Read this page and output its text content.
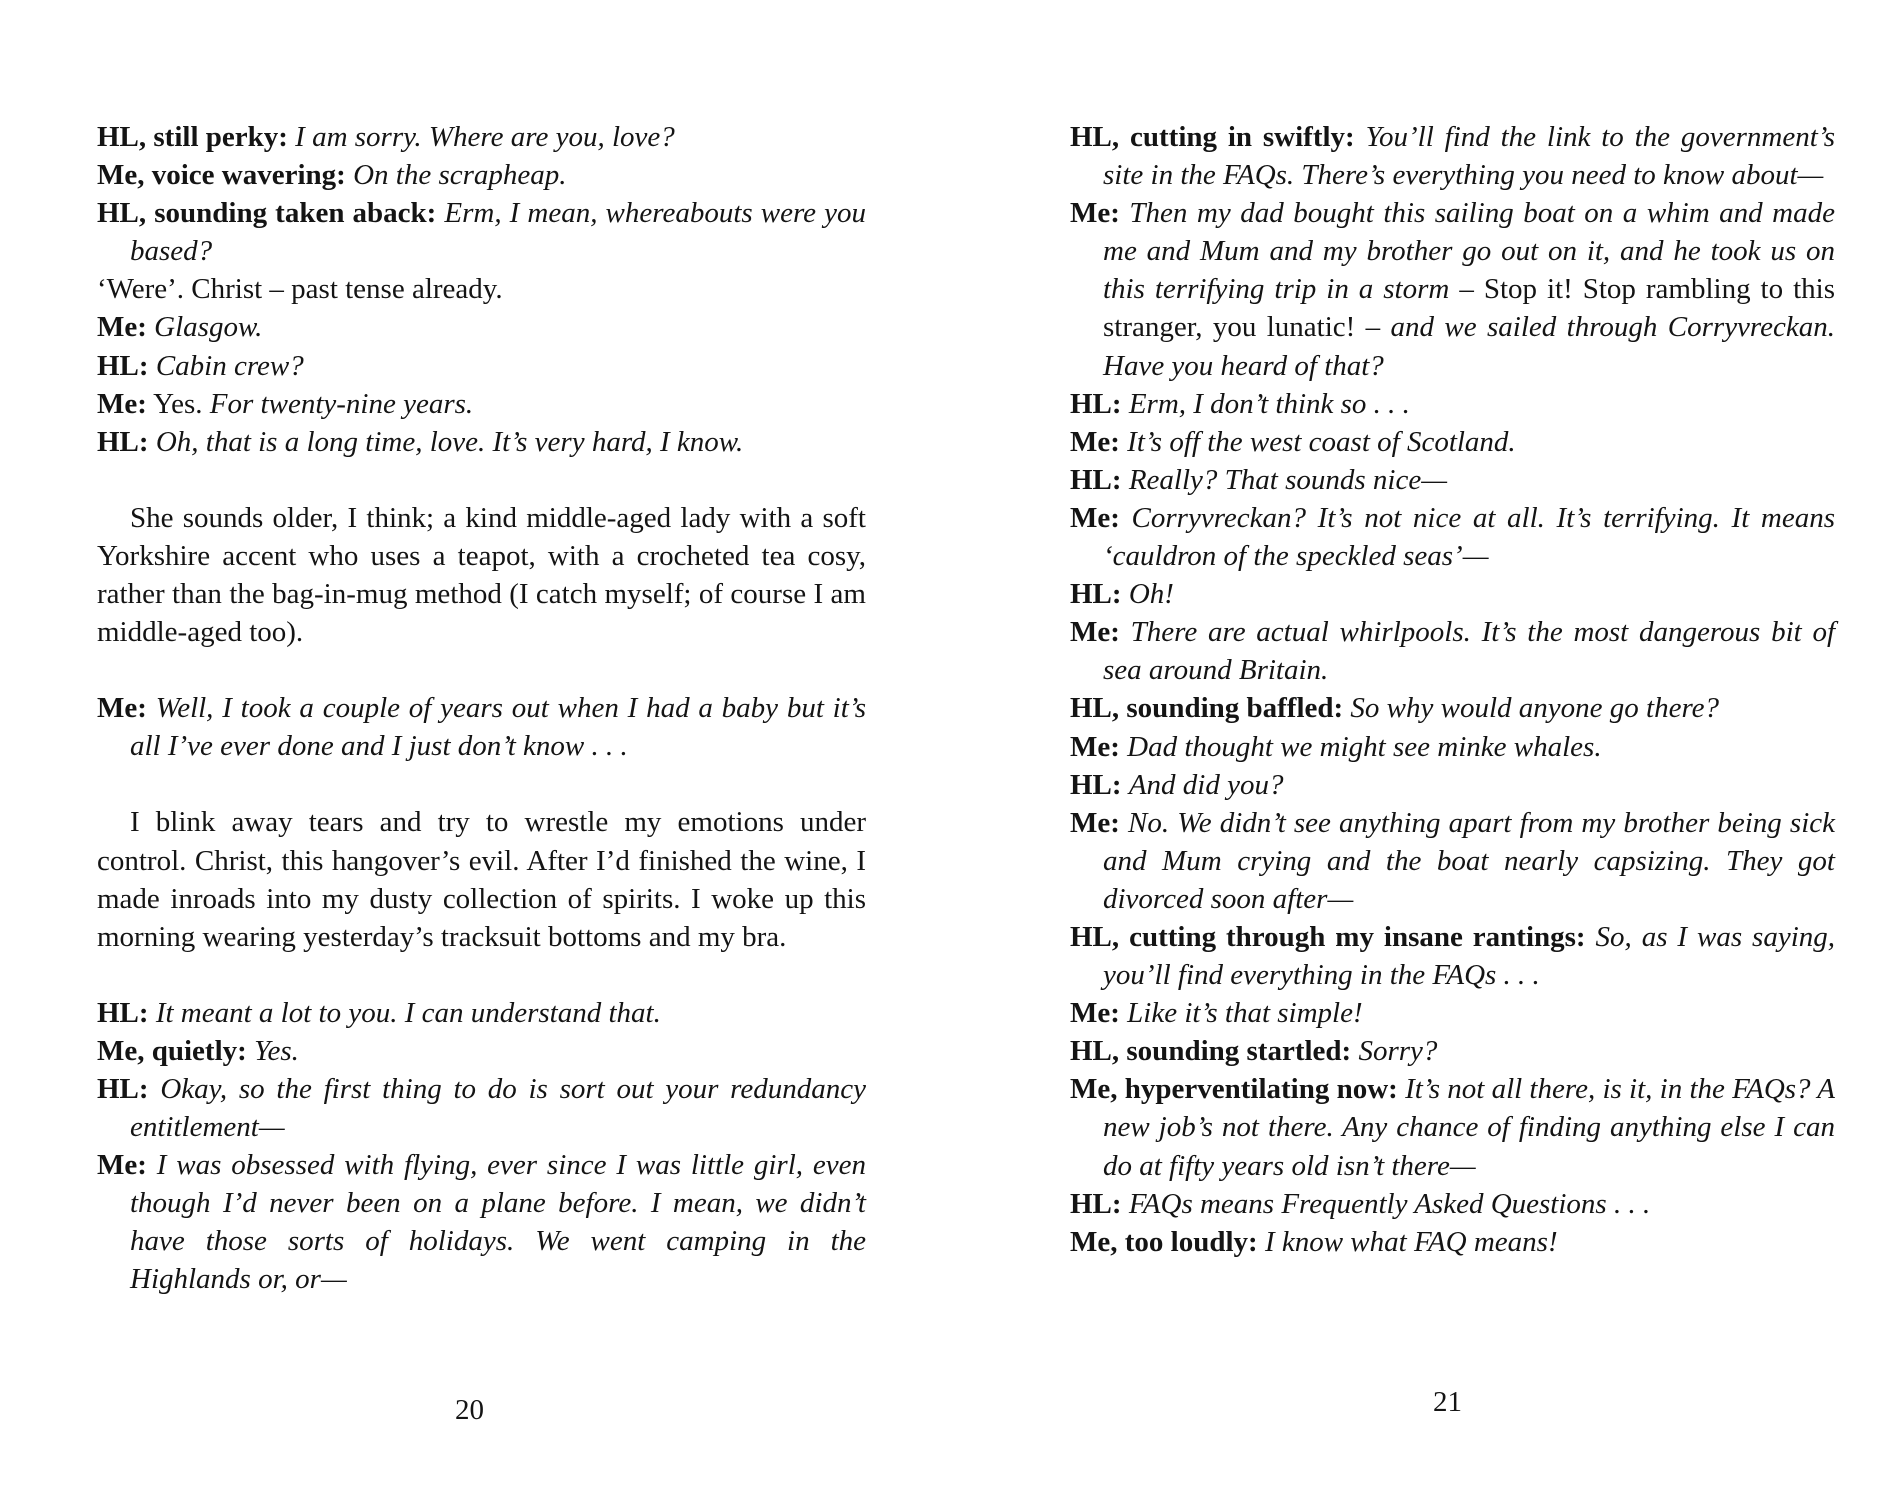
HL, still perky: I am sorry. Where are you, love?

Me, voice wavering: On the scrapheap.

HL, sounding taken aback: Erm, I mean, whereabouts were you based?

‘Were’. Christ – past tense already.

Me: Glasgow.

HL: Cabin crew?

Me: Yes. For twenty-nine years.

HL: Oh, that is a long time, love. It’s very hard, I know.

She sounds older, I think; a kind middle-aged lady with a soft Yorkshire accent who uses a teapot, with a crocheted tea cosy, rather than the bag-in-mug method (I catch myself; of course I am middle-aged too).

Me: Well, I took a couple of years out when I had a baby but it’s all I’ve ever done and I just don’t know . . .

I blink away tears and try to wrestle my emotions under control. Christ, this hangover’s evil. After I’d finished the wine, I made inroads into my dusty collection of spirits. I woke up this morning wearing yesterday’s tracksuit bottoms and my bra.

HL: It meant a lot to you. I can understand that.

Me, quietly: Yes.

HL: Okay, so the first thing to do is sort out your redundancy entitlement—

Me: I was obsessed with flying, ever since I was little girl, even though I’d never been on a plane before. I mean, we didn’t have those sorts of holidays. We went camping in the Highlands or, or—

20

HL, cutting in swiftly: You’ll find the link to the government’s site in the FAQs. There’s everything you need to know about—

Me: Then my dad bought this sailing boat on a whim and made me and Mum and my brother go out on it, and he took us on this terrifying trip in a storm – Stop it! Stop rambling to this stranger, you lunatic! – and we sailed through Corryvreckan. Have you heard of that?

HL: Erm, I don’t think so . . .

Me: It’s off the west coast of Scotland.

HL: Really? That sounds nice—

Me: Corryvreckan? It’s not nice at all. It’s terrifying. It means ‘cauldron of the speckled seas’—

HL: Oh!

Me: There are actual whirlpools. It’s the most dangerous bit of sea around Britain.

HL, sounding baffled: So why would anyone go there?

Me: Dad thought we might see minke whales.

HL: And did you?

Me: No. We didn’t see anything apart from my brother being sick and Mum crying and the boat nearly capsizing. They got divorced soon after—

HL, cutting through my insane rantings: So, as I was saying, you’ll find everything in the FAQs . . .

Me: Like it’s that simple!

HL, sounding startled: Sorry?

Me, hyperventilating now: It’s not all there, is it, in the FAQs? A new job’s not there. Any chance of finding anything else I can do at fifty years old isn’t there—

HL: FAQs means Frequently Asked Questions . . .

Me, too loudly: I know what FAQ means!

21
